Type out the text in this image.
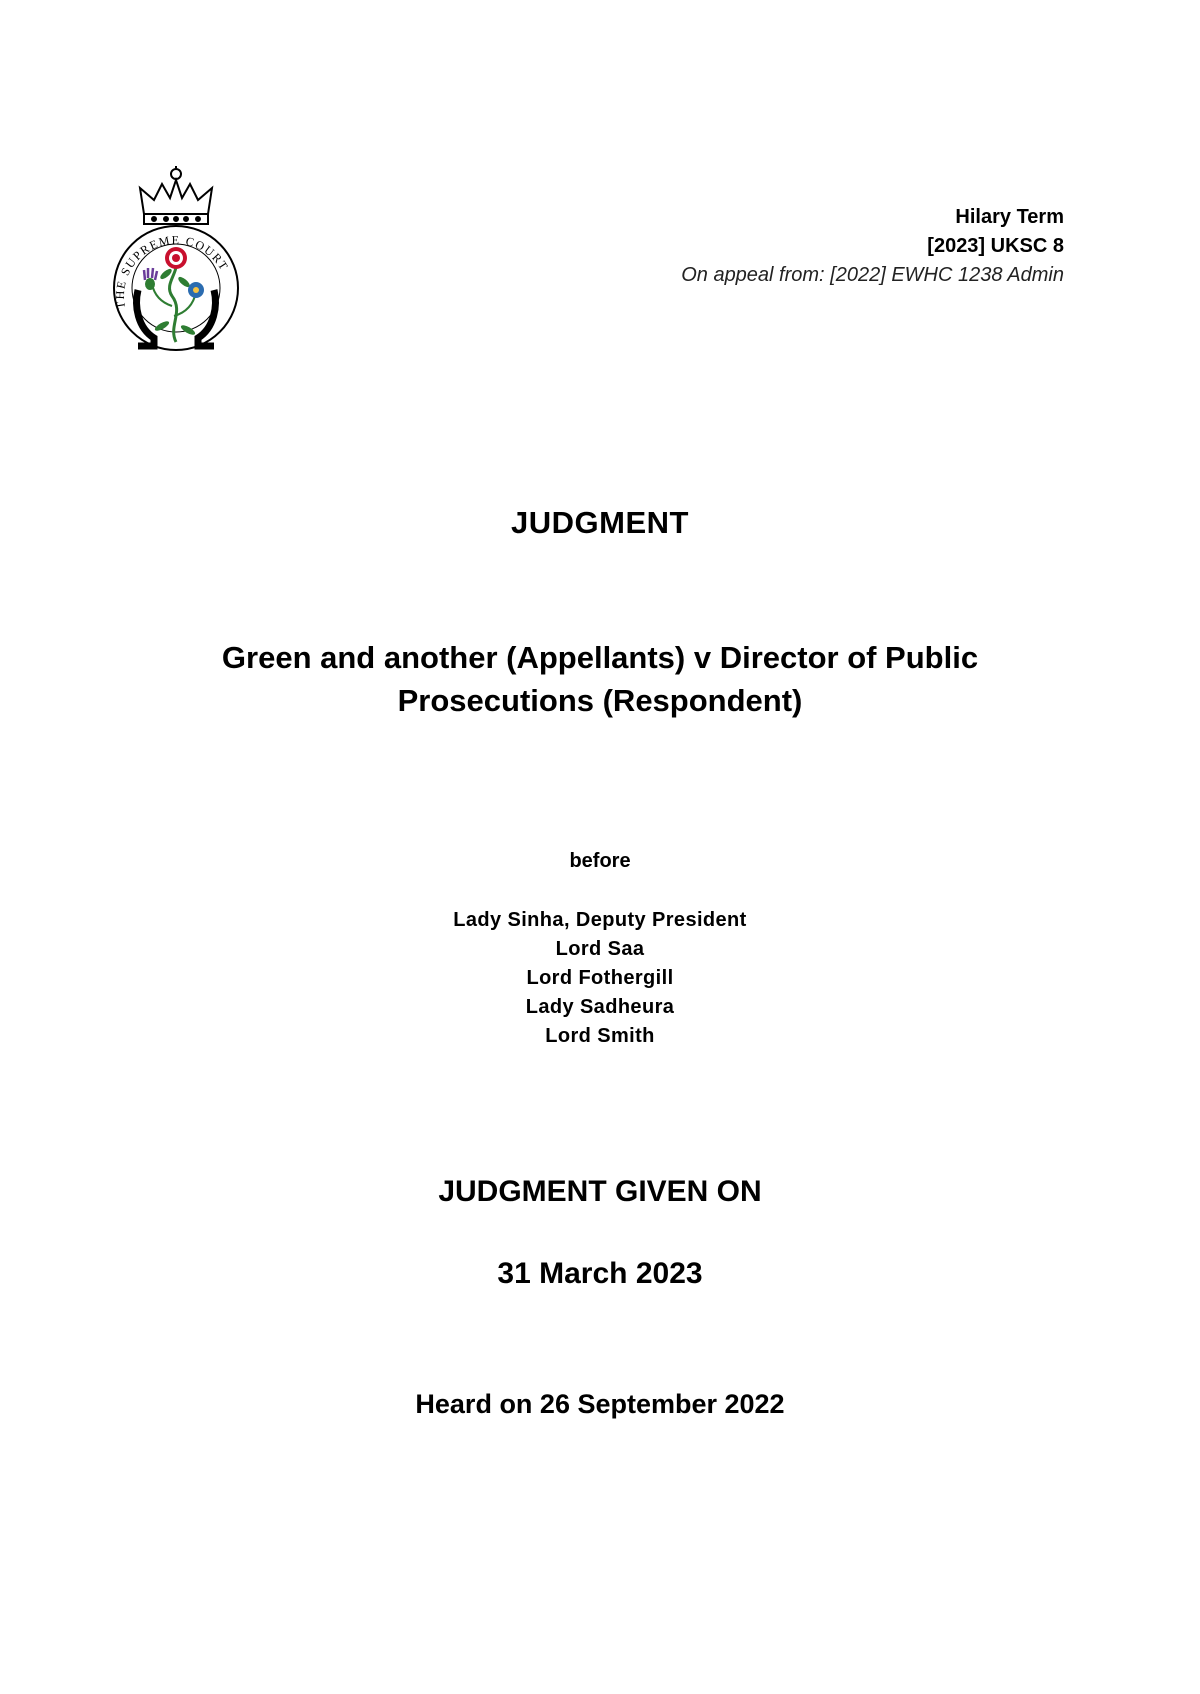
THE SUPREME COURT
Hilary Term
[2023] UKSC 8
On appeal from: [2022] EWHC 1238 Admin
JUDGMENT
Green and another (Appellants) v Director of Public
Prosecutions (Respondent)
before
Lady Sinha, Deputy President
Lord Saa
Lord Fothergill
Lady Sadheura
Lord Smith
JUDGMENT GIVEN ON
31 March 2023
Heard on 26 September 2022
